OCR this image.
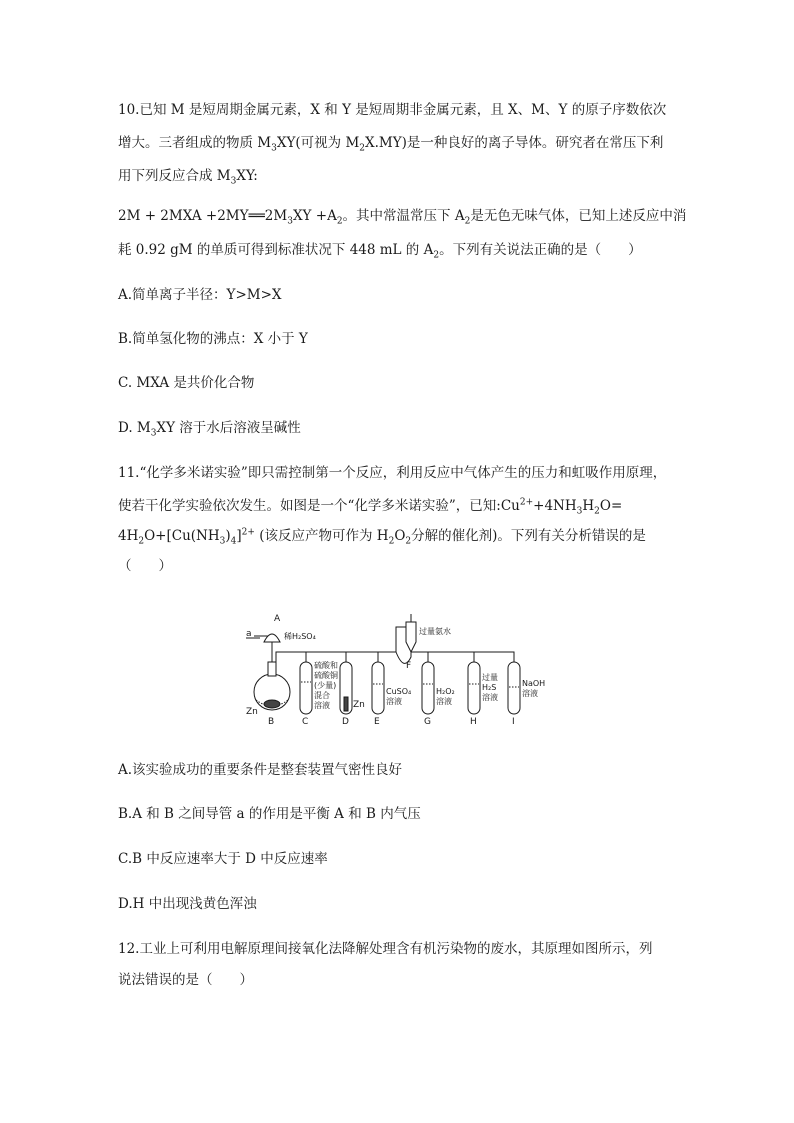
10.已知 M 是短周期金属元素，X 和 Y 是短周期非金属元素，且 X、M、Y 的原子序数依次
增大。三者组成的物质 $M_3XY$(可视为 $M_2X.MY$)是一种良好的离子导体。研究者在常压下利
用下列反应合成 $M_3XY$:
$2M + 2MXA +2MY══2M_3XY +A_2$。其中常温常压下 $A_2$是无色无味气体，已知上述反应中消
耗 0.92 gM 的单质可得到标准状况下 448 mL 的 $A_2$。下列有关说法正确的是（　　）
A.简单离子半径：Y>M>X
B.简单氢化物的沸点：X 小于 Y
C. MXA 是共价化合物
D. $M_3XY$ 溶于水后溶液呈碱性
11.“化学多米诺实验”即只需控制第一个反应，利用反应中气体产生的压力和虹吸作用原理，
使若干化学实验依次发生。如图是一个“化学多米诺实验”，已知$:Cu^{2+}+4NH_3H_2O=$
$4H_2O+[Cu(NH_3)_4]^{2+}$ (该反应产物可作为 $H_2O_2$分解的催化剂)。下列有关分析错误的是
（　　）
A
a	稀H₂SO₄
Zn
B	C
硫酸和
硫酸铜
(少量)
混合
溶液	Zn
D	E
CuSO₄
溶液
F
过量氨水
G
H₂O₂
溶液
H
过量
H₂S
溶液
I
NaOH
溶液
A.该实验成功的重要条件是整套装置气密性良好
B.A 和 B 之间导管 a 的作用是平衡 A 和 B 内气压
C.B 中反应速率大于 D 中反应速率
D.H 中出现浅黄色浑浊
12.工业上可利用电解原理间接氧化法降解处理含有机污染物的废水，其原理如图所示，列
说法错误的是（　　）
